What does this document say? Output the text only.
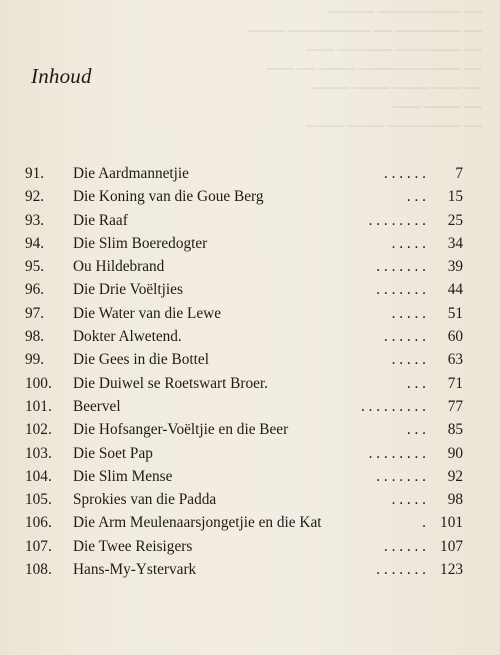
───── ───────── ──
──── ───────── ── ─────── ──
─── ────── ─────── ──
─── ── ──── ─────────── ──
──── ──── ──── ─── ──
─── ──── ──
──── ──── ──────── ──
Inhoud
91.	Die Aardmannetjie	. . . . . .	7
92.	Die Koning van die Goue Berg	. . .	15
93.	Die Raaf	. . . . . . . .	25
94.	Die Slim Boeredogter	. . . . .	34
95.	Ou Hildebrand	. . . . . . .	39
96.	Die Drie Voëltjies	. . . . . . .	44
97.	Die Water van die Lewe	. . . . .	51
98.	Dokter Alwetend.	. . . . . .	60
99.	Die Gees in die Bottel	. . . . .	63
100.	Die Duiwel se Roetswart Broer.	. . .	71
101.	Beervel	. . . . . . . . .	77
102.	Die Hofsanger-Voëltjie en die Beer	. . .	85
103.	Die Soet Pap	. . . . . . . .	90
104.	Die Slim Mense	. . . . . . .	92
105.	Sprokies van die Padda	. . . . .	98
106.	Die Arm Meulenaarsjongetjie en die Kat	. 101
107.	Die Twee Reisigers	. . . . . . 107
108.	Hans-My-Ystervark	. . . . . . . 123
